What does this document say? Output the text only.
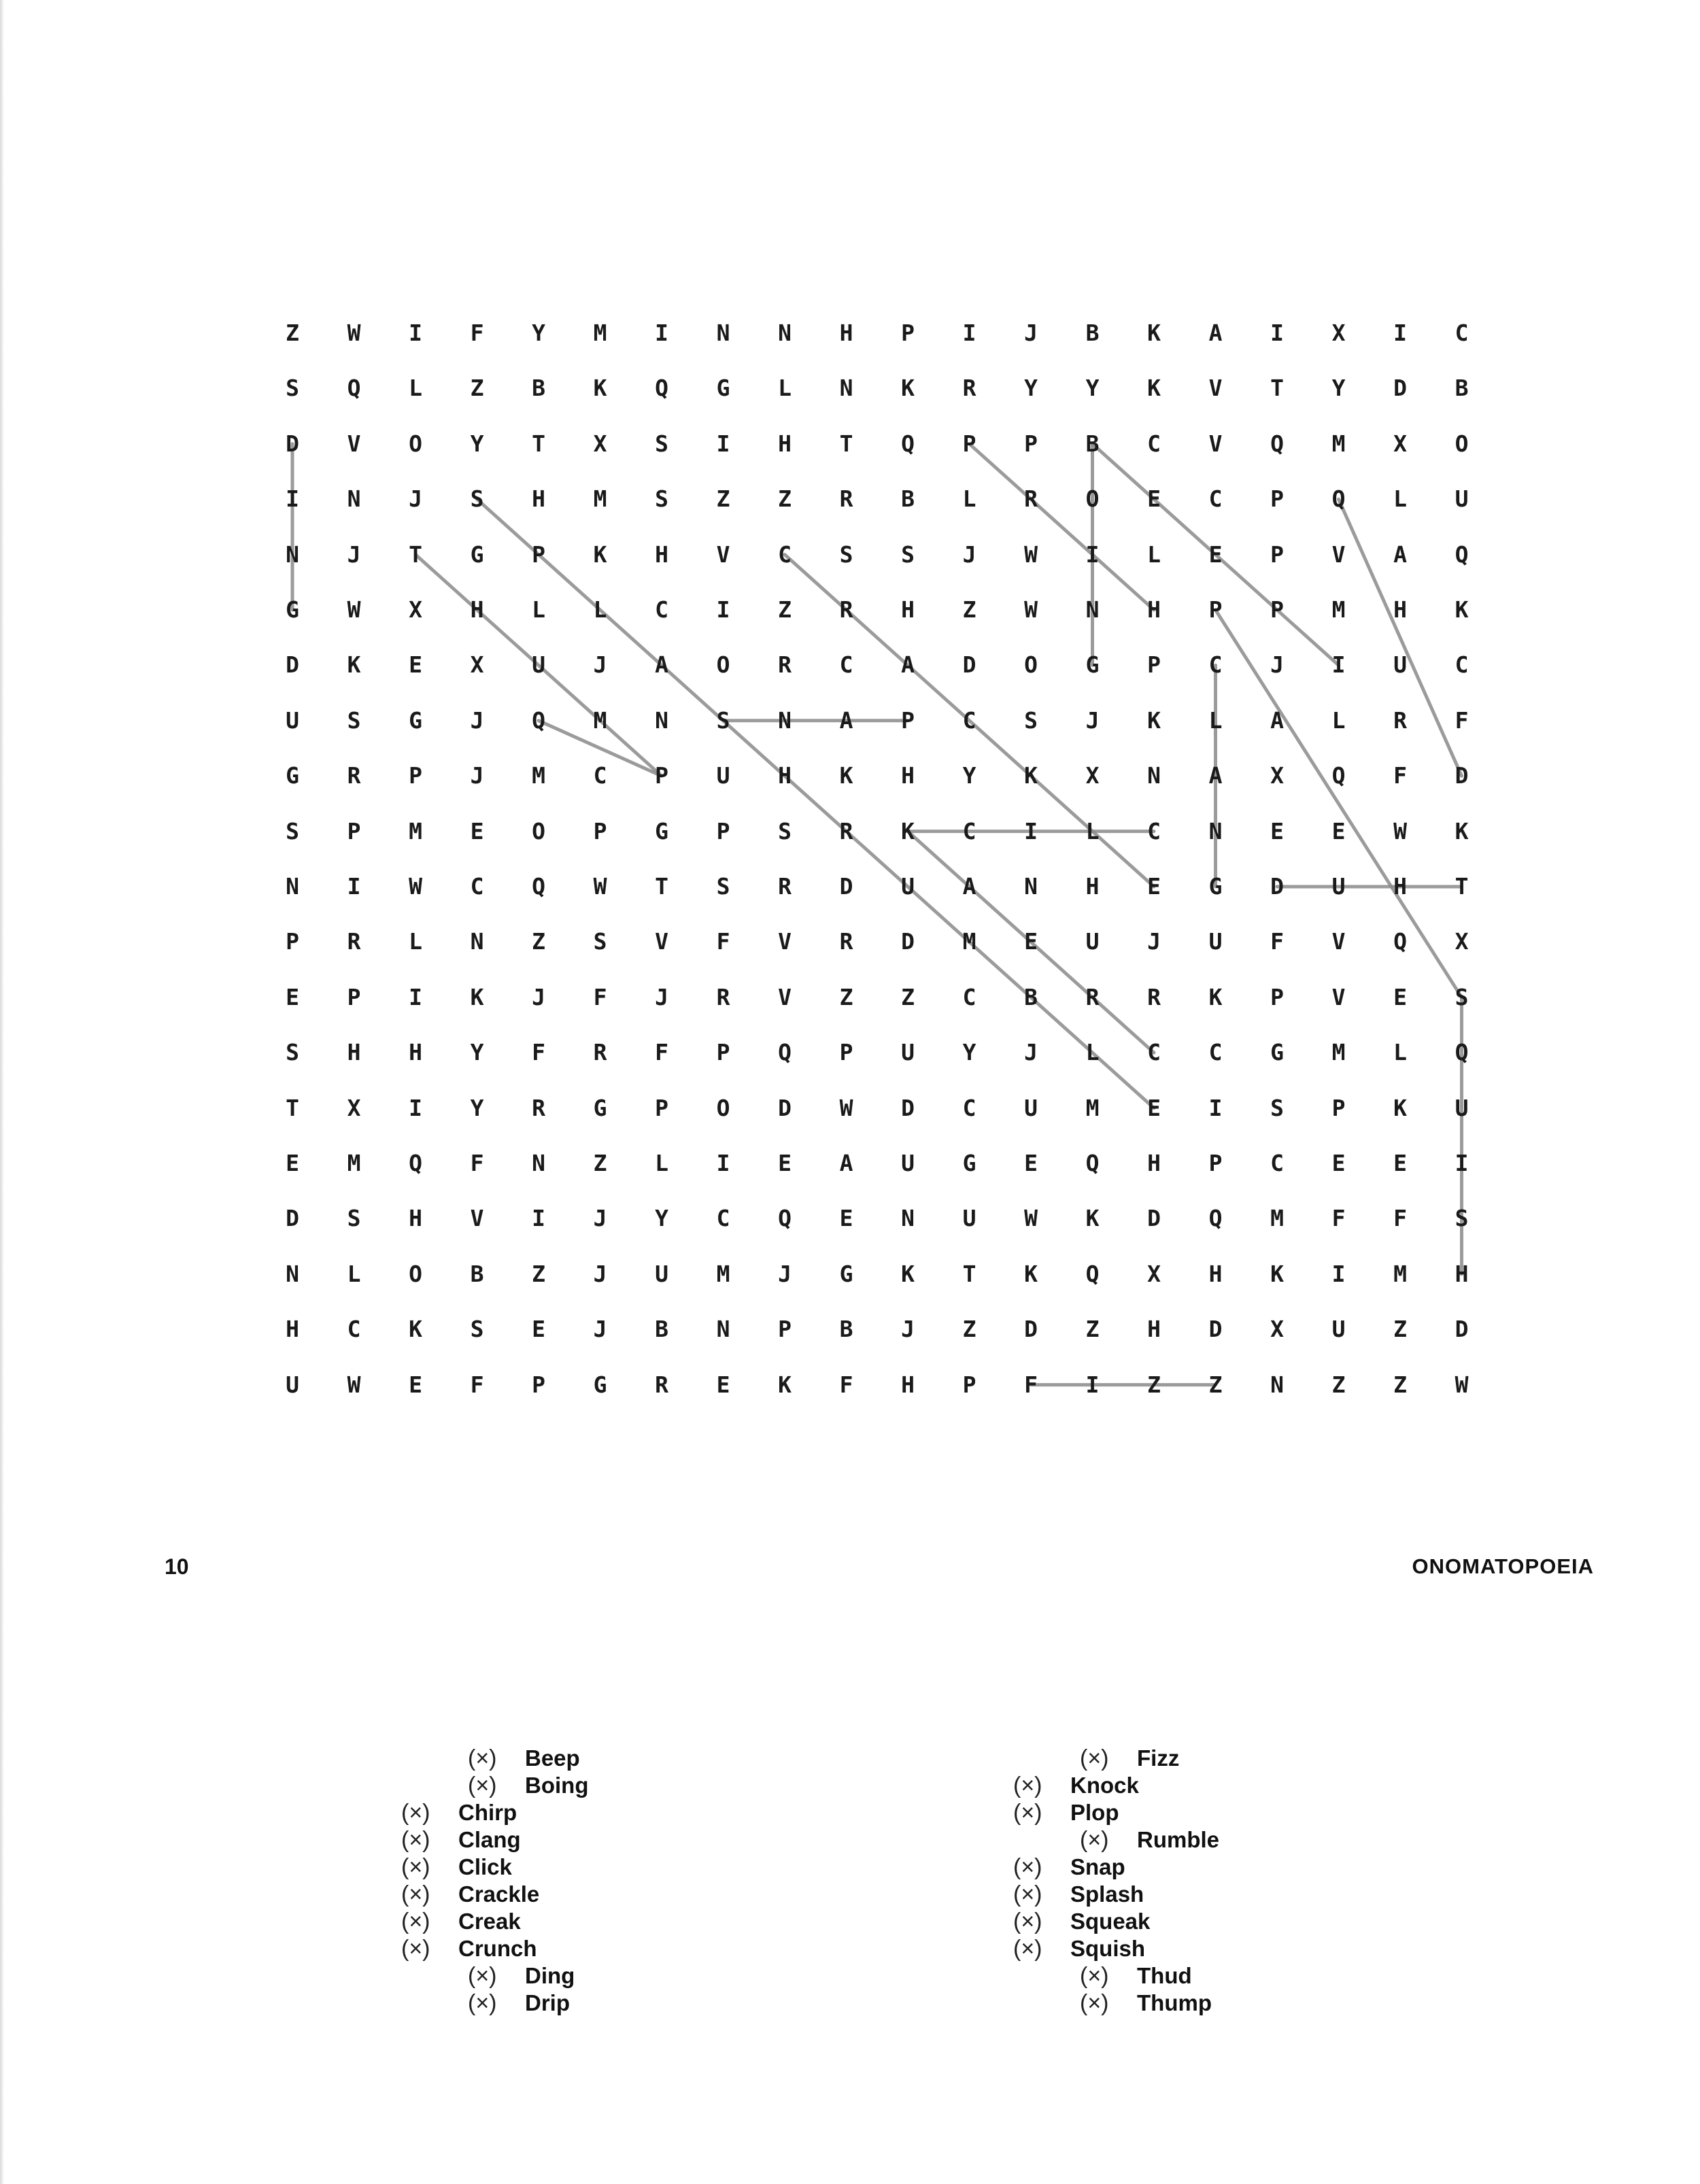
Z	W	I	F	Y	M	I	N	N	H	P	I	J	B	K	A	I	X	I	C
S	Q	L	Z	B	K	Q	G	L	N	K	R	Y	Y	K	V	T	Y	D	B
D	V	O	Y	T	X	S	I	H	T	Q	P	P	B	C	V	Q	M	X	O
I	N	J	S	H	M	S	Z	Z	R	B	L	R	O	E	C	P	Q	L	U
N	J	T	G	P	K	H	V	C	S	S	J	W	I	L	E	P	V	A	Q
G	W	X	H	L	L	C	I	Z	R	H	Z	W	N	H	P	P	M	H	K
D	K	E	X	U	J	A	O	R	C	A	D	O	G	P	C	J	I	U	C
U	S	G	J	Q	M	N	S	N	A	P	C	S	J	K	L	A	L	R	F
G	R	P	J	M	C	P	U	H	K	H	Y	K	X	N	A	X	Q	F	D
S	P	M	E	O	P	G	P	S	R	K	C	I	L	C	N	E	E	W	K
N	I	W	C	Q	W	T	S	R	D	U	A	N	H	E	G	D	U	H	T
P	R	L	N	Z	S	V	F	V	R	D	M	E	U	J	U	F	V	Q	X
E	P	I	K	J	F	J	R	V	Z	Z	C	B	R	R	K	P	V	E	S
S	H	H	Y	F	R	F	P	Q	P	U	Y	J	L	C	C	G	M	L	Q
T	X	I	Y	R	G	P	O	D	W	D	C	U	M	E	I	S	P	K	U
E	M	Q	F	N	Z	L	I	E	A	U	G	E	Q	H	P	C	E	E	I
D	S	H	V	I	J	Y	C	Q	E	N	U	W	K	D	Q	M	F	F	S
N	L	O	B	Z	J	U	M	J	G	K	T	K	Q	X	H	K	I	M	H
H	C	K	S	E	J	B	N	P	B	J	Z	D	Z	H	D	X	U	Z	D
U	W	E	F	P	G	R	E	K	F	H	P	F	I	Z	Z	N	Z	Z	W
10	ONOMATOPOEIA
(×) Beep
(×) Boing
(×) Chirp
(×) Clang
(×) Click
(×) Crackle
(×) Creak
(×) Crunch
(×) Ding
(×) Drip
(×) Fizz
(×) Knock
(×) Plop
(×) Rumble
(×) Snap
(×) Splash
(×) Squeak
(×) Squish
(×) Thud
(×) Thump
